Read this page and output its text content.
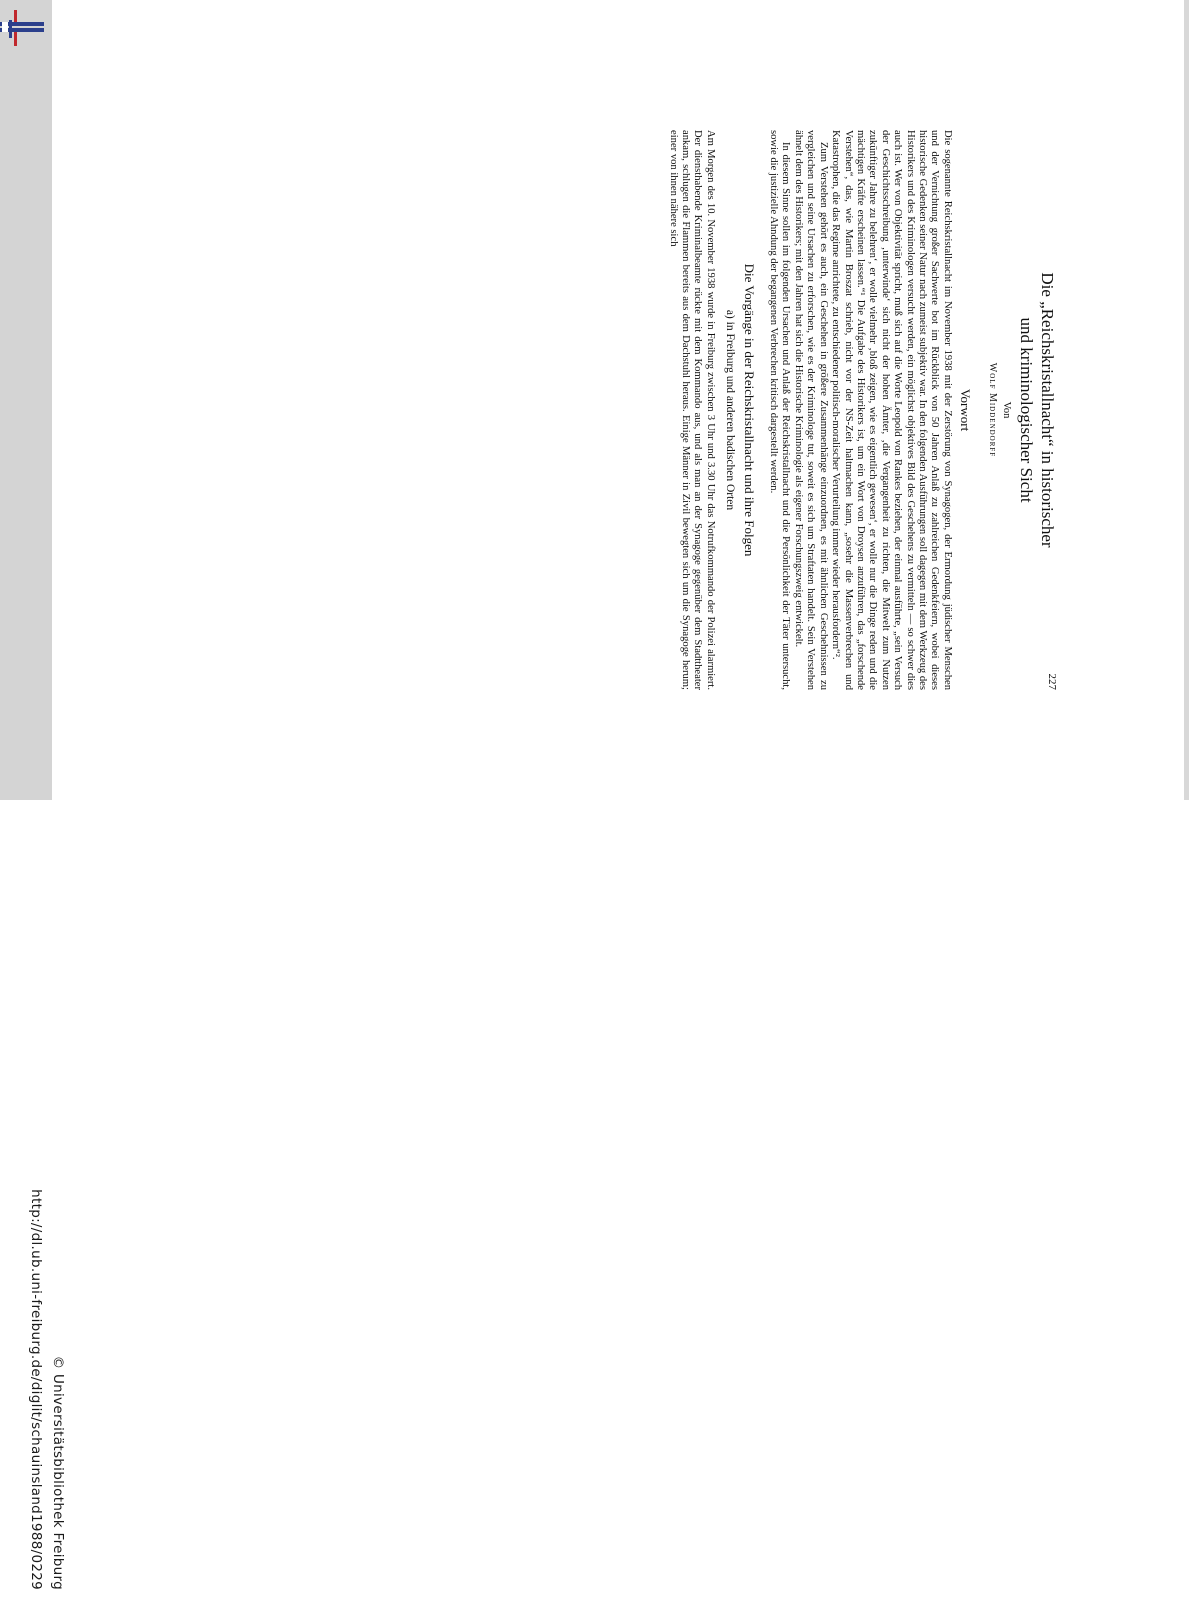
http://dl.ub.uni-freiburg.de/diglit/schauinsland1988/0229 © Universitätsbibliothek Freiburg
227
Die „Reichskristallnacht“ in historischer
und kriminologischer Sicht
Von
Wolf Middendorff
Vorwort

Die sogenannte Reichskristallnacht im November 1938 mit der Zerstörung von Synagogen, der Ermordung jüdischer Menschen und der Vernichtung großer Sachwerte bot im Rückblick von 50 Jahren Anlaß zu zahlreichen Gedenkfeiern, wobei dieses historische Gedenken seiner Natur nach zumeist subjektiv war. In den folgenden Ausführungen soll dagegen mit dem Werkzeug des Historikers und des Kriminologen versucht werden, ein möglichst objektives Bild des Geschehens zu vermitteln — so schwer dies auch ist. Wer von Objektivität spricht, muß sich auf die Worte Leopold von Rankes beziehen, der einmal ausführte, „sein Versuch der Geschichtsschreibung ‚unterwinde‘ sich nicht der hohen Ämter, ‚die Vergangenheit zu richten, die Mitwelt zum Nutzen zukünftiger Jahre zu belehren‘, er wolle vielmehr ‚bloß zeigen, wie es eigentlich gewesen‘, er wolle nur die Dinge reden und die mächtigen Kräfte erscheinen lassen.“¹ Die Aufgabe des Historikers ist, um ein Wort von Droysen anzuführen, das „forschende Verstehen“, das, wie Martin Broszat schrieb, nicht vor der NS-Zeit haltmachen kann, „sosehr die Massenverbrechen und Katastrophen, die das Regime anrichtete, zu entschiedener politisch-moralischer Verurteilung immer wieder herausfordern“².

Zum Verstehen gehört es auch, ein Geschehen in größere Zusammenhänge einzuordnen, es mit ähnlichen Geschehnissen zu vergleichen und seine Ursachen zu erforschen, wie es der Kriminologe tut, soweit es sich um Straftaten handelt. Sein Verstehen ähnelt dem des Historikers; mit den Jahren hat sich die Historische Kriminologie als eigener Forschungszweig entwickelt.

In diesem Sinne sollen im folgenden Ursachen und Anlaß der Reichskristallnacht und die Persönlichkeit der Täter untersucht, sowie die justizielle Ahndung der begangenen Verbrechen kritisch dargestellt werden.

Die Vorgänge in der Reichskristallnacht und ihre Folgen
a) in Freiburg und anderen badischen Orten

Am Morgen des 10. November 1938 wurde in Freiburg zwischen 3 Uhr und 3.30 Uhr das Notrufkommando der Polizei alarmiert. Der diensthabende Kriminalbeamte rückte mit dem Kommando aus, und als man an der Synagoge gegenüber dem Stadttheater ankam, schlugen die Flammen bereits aus dem Dachstuhl heraus. Einige Männer in Zivil bewegten sich um die Synagoge herum; einer von ihnen nähere sich
